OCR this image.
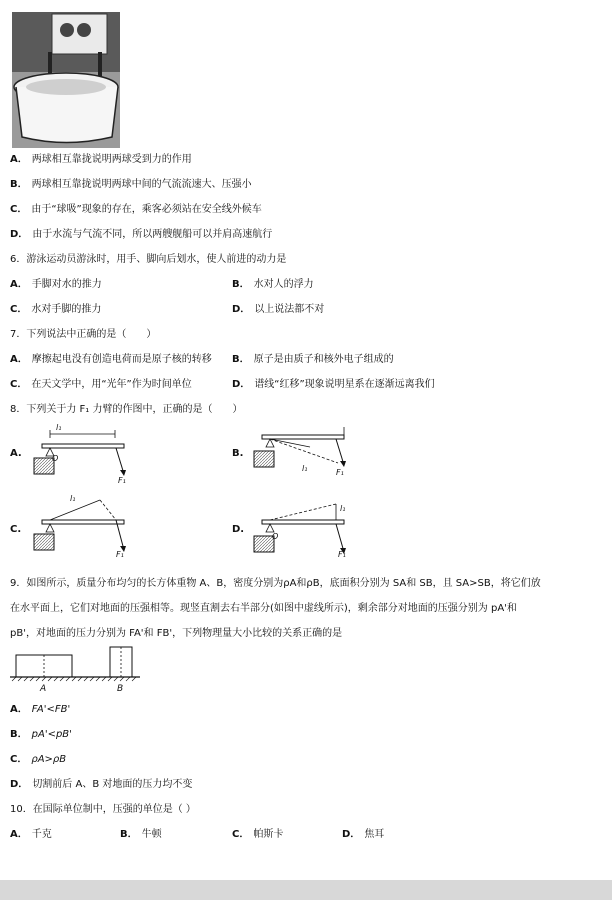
A． 两球相互靠拢说明两球受到力的作用
B． 两球相互靠拢说明两球中间的气流流速大、压强小
C． 由于“球吸”现象的存在，乘客必须站在安全线外候车
D． 由于水流与气流不同，所以两艘舰船可以并肩高速航行
6．游泳运动员游泳时，用手、脚向后划水，使人前进的动力是
A． 手脚对水的推力	B． 水对人的浮力
C． 水对手脚的推力	D． 以上说法都不对
7．下列说法中正确的是（　　）
A． 摩擦起电没有创造电荷而是原子核的转移 B． 原子是由质子和核外电子组成的
C． 在天文学中，用“光年”作为时间单位	D． 谱线“红移”现象说明星系在逐渐远离我们
8．下列关于力 F₁ 力臂的作图中，正确的是（　　）
A.
l₁
O
F₁
B.
l₁	F₁
C.
l₁
F₁
D.
l₁
O
F₁
9．如图所示，质量分布均匀的长方体重物 A、B，密度分别为ρA和ρB，底面积分别为 SA和 SB，且 SA>SB，将它们放
在水平面上，它们对地面的压强相等。现竖直割去右半部分(如图中虚线所示)，剩余部分对地面的压强分别为 pA'和
pB'，对地面的压力分别为 FA'和 FB'，下列物理量大小比较的关系正确的是
A	B
A． FA'<FB'
B． pA'<pB'
C． ρA>ρB
D． 切割前后 A、B 对地面的压力均不变
10．在国际单位制中，压强的单位是（ ）
A． 千克	B． 牛顿	C． 帕斯卡	D． 焦耳
